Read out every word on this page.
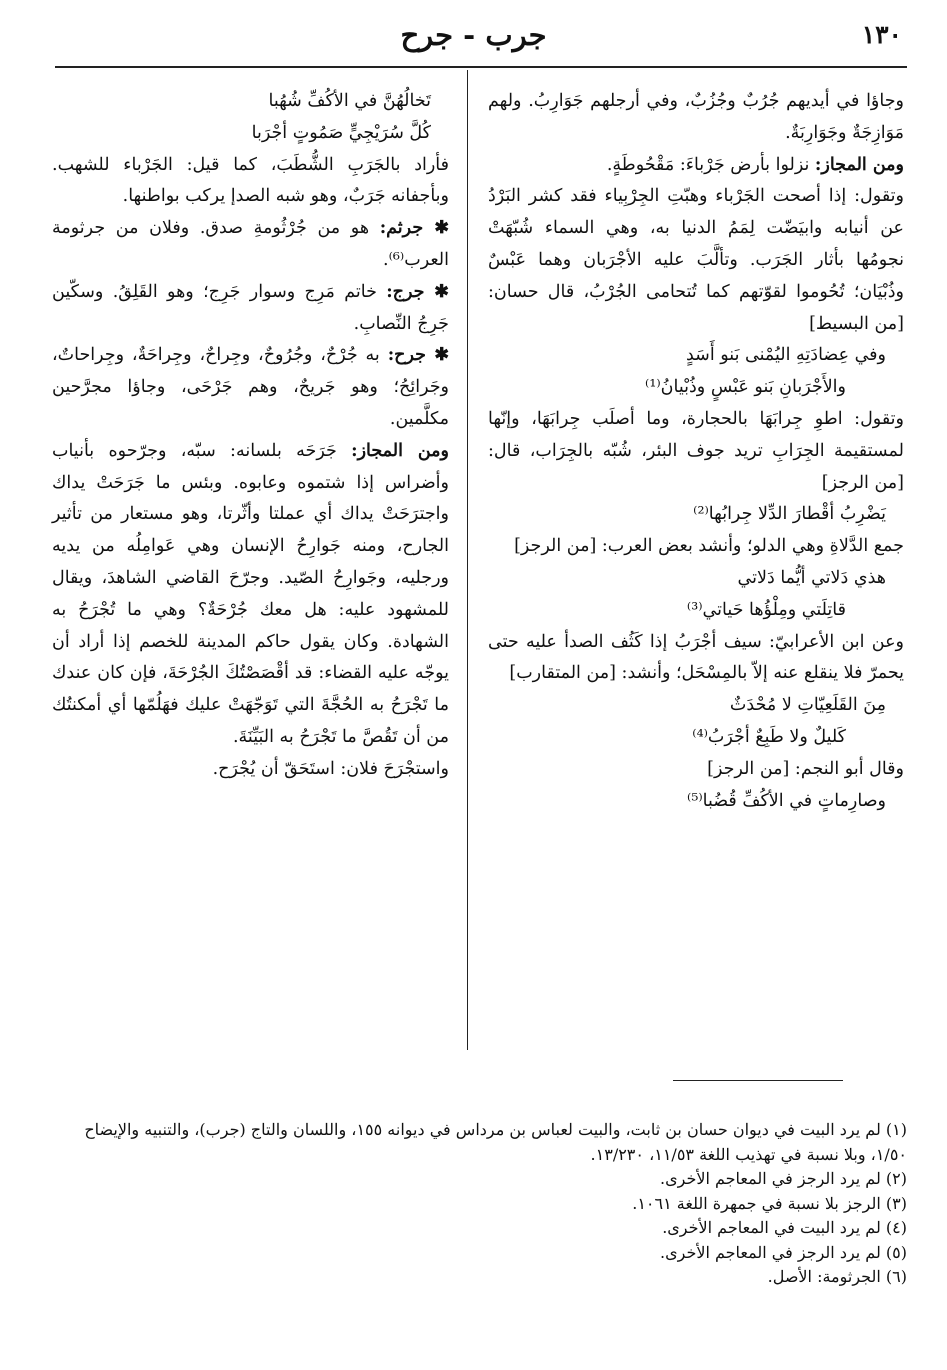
١٣٠
جرب - جرح

وجاؤا في أيديهم جُرُبٌ وجُزُبٌ، وفي أرجلهم جَوَارِبُ. ولهم مَوَازِجَةٌ وجَوَارِبَةٌ.

ومن المجاز: نزلوا بأرض جَرْباءَ: مَقْحُوطَةٍ.

وتقول: إذا أصحت الجَرْباء وهبّتِ الجِرْبِياء فقد كشر البَرْدُ عن أنيابه وابيَضّت لِمَمُ الدنيا به، وهي السماء شُبّهَتْ نجومُها بأثار الجَرَب. وتألَّبَ عليه الأجْرَبان وهما عَبْسٌ وذُبْيَان؛ تُحُوموا لقوّتهم كما تُتحامى الجُرْبُ، قال حسان: [من البسيط]

وفي عِضادَتِهِ اليُمْنى بَنو أَسَدٍ

والأَجْرَبانِ بَنو عَبْسٍ وذُبْيانُ⁽¹⁾

وتقول: اطوِ جِرابَهَا بالحجارة، وما أصلَب جِرابَهَا، وإنّها لمستقيمة الجِرَابِ تريد جوف البئر، شُبّه بالجِرَاب، قال: [من الرجز]

يَضْرِبُ أقْطارَ الدِّلا جِرابُها⁽²⁾

جمع الدَّلاةِ وهي الدلو؛ وأنشد بعض العرب: [من الرجز]

هذي دَلاتي أيُّما دَلاتي

قاتِلَتي ومِلْؤُها حَياتي⁽³⁾

وعن ابن الأعرابيّ: سيف أجْرَبُ إذا كَثُف الصدأ عليه حتى يحمرّ فلا ينقلع عنه إلاّ بالمِسْحَل؛ وأنشد: [من المتقارب]

مِنَ القَلَعِيّاتِ لا مُحْدَثٌ

كَليلٌ ولا طَبِعٌ أجْرَبُ⁽⁴⁾

وقال أبو النجم: [من الرجز]

وصارِماتٍ في الأكُفِّ قُضُبا⁽⁵⁾

تَخالُهُنَّ في الأكُفِّ شُهُبا

كُلَّ سُرَيْجِيٍّ صَمُوتٍ أجْرَبا

فأراد بالجَرَبِ الشُّطَبَ، كما قيل: الجَرْباء للشهب. وبأجفانه جَرَبٌ، وهو شبه الصدإ يركب بواطنها.

✱ جرثم: هو من جُرْثُومةِ صدق. وفلان من جرثومة العرب⁽⁶⁾.

✱ جرج: خاتم مَرِج وسوار جَرِج؛ وهو القَلِقُ. وسكّين جَرِجُ النِّصابِ.

✱ جرح: به جُرْحٌ، وجُرُوحٌ، وجِراحٌ، وجِراحَةٌ، وجِراحاتٌ، وجَرائِحُ؛ وهو جَريحٌ، وهم جَرْحَى، وجاؤا مجرَّحين مكلَّمين.

ومن المجاز: جَرَحَه بلسانه: سبّه، وجرّحوه بأنياب وأضراس إذا شتموه وعابوه. وبئس ما جَرَحَتْ يداك واجترَحَتْ يداك أي عملتا وأثّرتا، وهو مستعار من تأثير الجارح، ومنه جَوارِحُ الإنسان وهي عَوامِلُه من يديه ورجليه، وجَوارِحُ الصّيد. وجرّحَ القاضي الشاهدَ، ويقال للمشهود عليه: هل معك جُرْحَةٌ؟ وهي ما تُجْرَحُ به الشهادة. وكان يقول حاكم المدينة للخصم إذا أراد أن يوجّه عليه القضاء: قد أقْصَصْتُكَ الجُرْحَةَ، فإن كان عندك ما تَجْرَحُ به الحُجَّةَ التي تَوَجّهَتْ عليك فهَلُمّها أي أمكنتُك من أن تَقُصَّ ما تَجْرَحُ به البَيِّنَةَ.

واستجْرَحَ فلان: استَحَقّ أن يُجْرَح.

(١) لم يرد البيت في ديوان حسان بن ثابت، والبيت لعباس بن مرداس في ديوانه ١٥٥، واللسان والتاج (جرب)، والتنبيه والإيضاح ١/٥٠، وبلا نسبة في تهذيب اللغة ١١/٥٣، ١٣/٢٣٠.

(٢) لم يرد الرجز في المعاجم الأخرى.

(٣) الرجز بلا نسبة في جمهرة اللغة ١٠٦١.

(٤) لم يرد البيت في المعاجم الأخرى.

(٥) لم يرد الرجز في المعاجم الأخرى.

(٦) الجرثومة: الأصل.
